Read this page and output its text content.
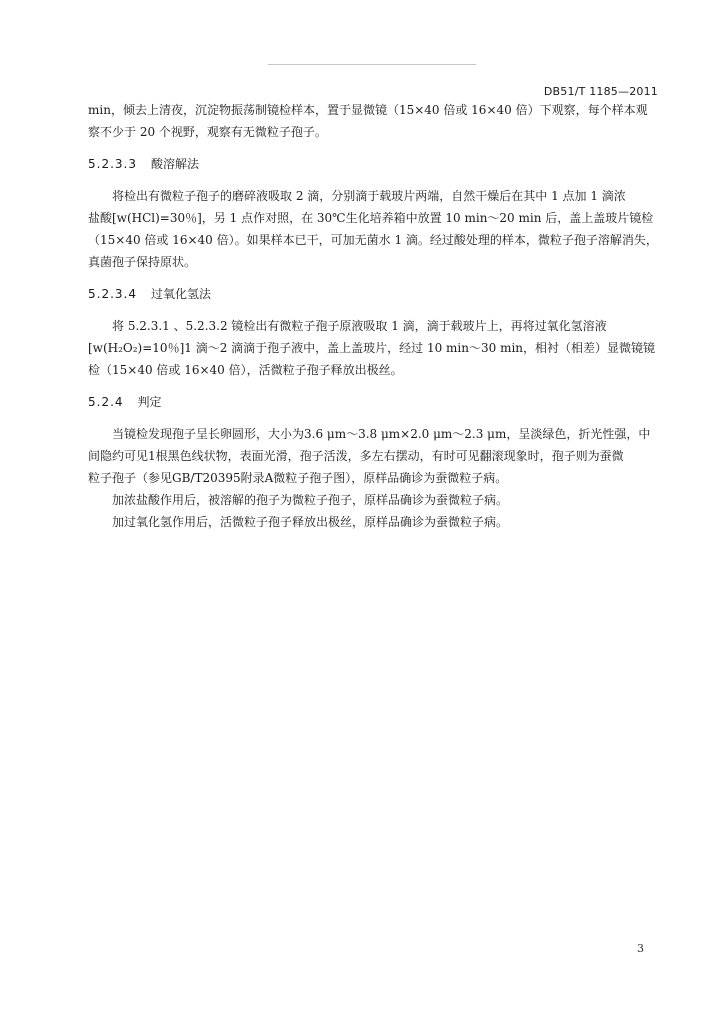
DB51/T 1185—2011

min，倾去上清夜，沉淀物振荡制镜检样本，置于显微镜（15×40 倍或 16×40 倍）下观察，每个样本观

察不少于 20 个视野，观察有无微粒子孢子。

5.2.3.3 酸溶解法

将检出有微粒子孢子的磨碎液吸取 2 滴，分别滴于载玻片两端，自然干燥后在其中 1 点加 1 滴浓

盐酸[w(HCl)=30％]，另 1 点作对照，在 30℃生化培养箱中放置 10 min～20 min 后，盖上盖玻片镜检

（15×40 倍或 16×40 倍）。如果样本已干，可加无菌水 1 滴。经过酸处理的样本，微粒子孢子溶解消失，

真菌孢子保持原状。

5.2.3.4 过氧化氢法

将 5.2.3.1 、5.2.3.2 镜检出有微粒子孢子原液吸取 1 滴，滴于载玻片上，再将过氧化氢溶液

[w(H₂O₂)=10％]1 滴～2 滴滴于孢子液中，盖上盖玻片，经过 10 min～30 min，相衬（相差）显微镜镜

检（15×40 倍或 16×40 倍），活微粒子孢子释放出极丝。

5.2.4 判定

当镜检发现孢子呈长卵圆形，大小为3.6 μm～3.8 μm×2.0 μm～2.3 μm，呈淡绿色，折光性强，中

间隐约可见1根黑色线状物，表面光滑，孢子活泼，多左右摆动，有时可见翻滚现象时，孢子则为蚕微

粒子孢子（参见GB/T20395附录A微粒子孢子图），原样品确诊为蚕微粒子病。

加浓盐酸作用后，被溶解的孢子为微粒子孢子，原样品确诊为蚕微粒子病。

加过氧化氢作用后，活微粒子孢子释放出极丝，原样品确诊为蚕微粒子病。

3
